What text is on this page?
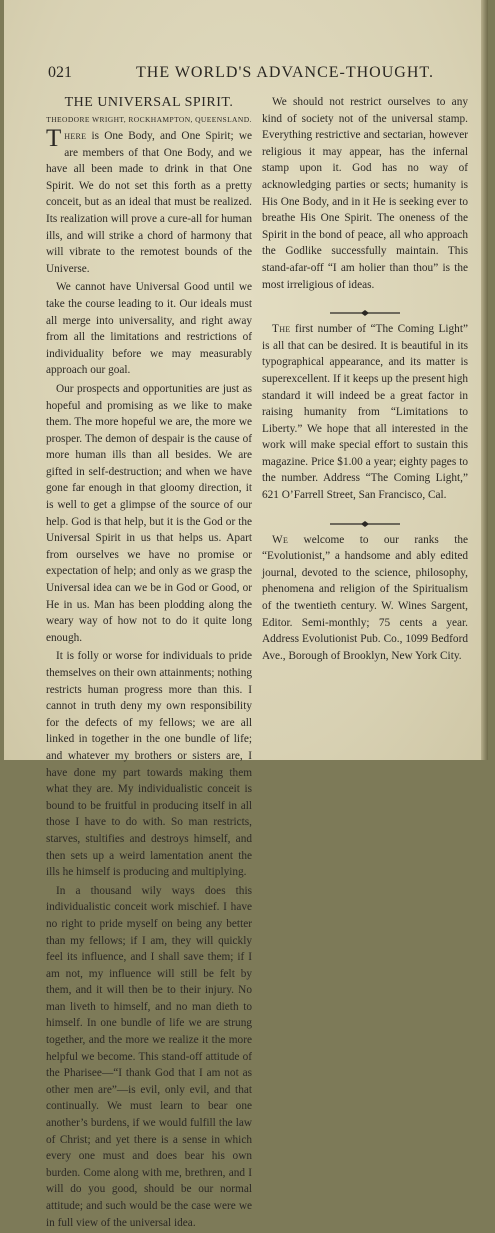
021	THE WORLD'S ADVANCE-THOUGHT.
THE UNIVERSAL SPIRIT.
THEODORE WRIGHT, ROCKHAMPTON, QUEENSLAND.

There is One Body, and One Spirit; we are members of that One Body, and we have all been made to drink in that One Spirit. We do not set this forth as a pretty conceit, but as an ideal that must be realized. Its realization will prove a cure-all for human ills, and will strike a chord of harmony that will vibrate to the remotest bounds of the Universe.

We cannot have Universal Good until we take the course leading to it. Our ideals must all merge into universality, and right away from all the limitations and restrictions of individuality before we may measurably approach our goal.

Our prospects and opportunities are just as hopeful and promising as we like to make them. The more hopeful we are, the more we prosper. The demon of despair is the cause of more human ills than all besides. We are gifted in self-destruction; and when we have gone far enough in that gloomy direction, it is well to get a glimpse of the source of our help. God is that help, but it is the God or the Universal Spirit in us that helps us. Apart from ourselves we have no promise or expectation of help; and only as we grasp the Universal idea can we be in God or Good, or He in us. Man has been plodding along the weary way of how not to do it quite long enough.

It is folly or worse for individuals to pride themselves on their own attainments; nothing restricts human progress more than this. I cannot in truth deny my own responsibility for the defects of my fellows; we are all linked in together in the one bundle of life; and whatever my brothers or sisters are, I have done my part towards making them what they are. My individualistic conceit is bound to be fruitful in producing itself in all those I have to do with. So man restricts, starves, stultifies and destroys himself, and then sets up a weird lamentation anent the ills he himself is producing and multiplying.

In a thousand wily ways does this individualistic conceit work mischief. I have no right to pride myself on being any better than my fellows; if I am, they will quickly feel its influence, and I shall save them; if I am not, my influence will still be felt by them, and it will then be to their injury. No man liveth to himself, and no man dieth to himself. In one bundle of life we are strung together, and the more we realize it the more helpful we become. This stand-off attitude of the Pharisee—“I thank God that I am not as other men are”—is evil, only evil, and that continually. We must learn to bear one another’s burdens, if we would fulfill the law of Christ; and yet there is a sense in which every one must and does bear his own burden. Come along with me, brethren, and I will do you good, should be our normal attitude; and such would be the case were we in full view of the universal idea.

We should not restrict ourselves to any kind of society not of the universal stamp. Everything restrictive and sectarian, however religious it may appear, has the infernal stamp upon it. God has no way of acknowledging parties or sects; humanity is His One Body, and in it He is seeking ever to breathe His One Spirit. The oneness of the Spirit in the bond of peace, all who approach the Godlike successfully maintain. This stand-afar-off “I am holier than thou” is the most irreligious of ideas.

The first number of “The Coming Light” is all that can be desired. It is beautiful in its typographical appearance, and its matter is superexcellent. If it keeps up the present high standard it will indeed be a great factor in raising humanity from “Limitations to Liberty.” We hope that all interested in the work will make special effort to sustain this magazine. Price $1.00 a year; eighty pages to the number. Address “The Coming Light,” 621 O’Farrell Street, San Francisco, Cal.

We welcome to our ranks the “Evolutionist,” a handsome and ably edited journal, devoted to the science, philosophy, phenomena and religion of the Spiritualism of the twentieth century. W. Wines Sargent, Editor. Semi-monthly; 75 cents a year. Address Evolutionist Pub. Co., 1099 Bedford Ave., Borough of Brooklyn, New York City.
